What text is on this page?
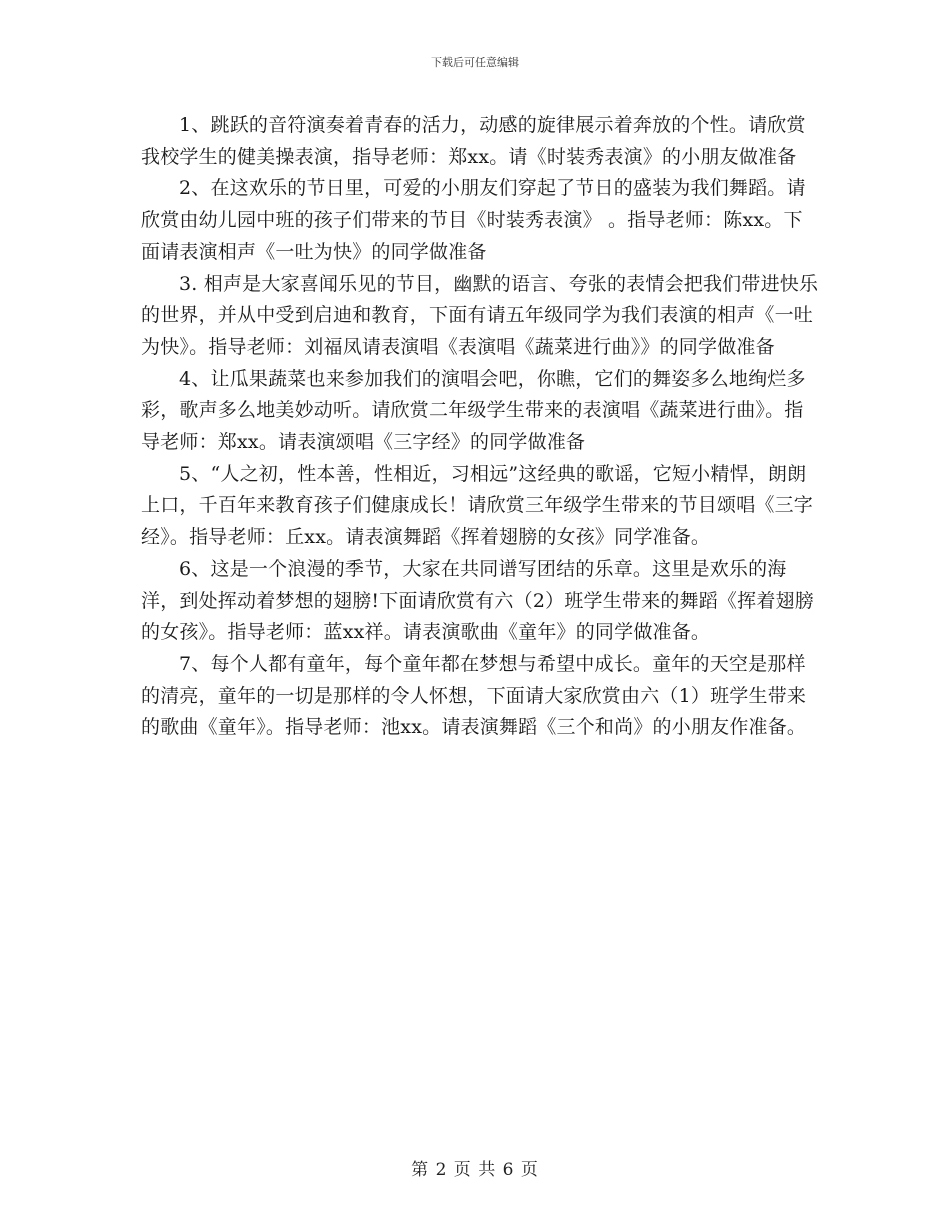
下载后可任意编辑

1、跳跃的音符演奏着青春的活力，动感的旋律展示着奔放的个性。请欣赏我校学生的健美操表演，指导老师：郑xx。请《时装秀表演》的小朋友做准备

2、在这欢乐的节日里，可爱的小朋友们穿起了节日的盛装为我们舞蹈。请欣赏由幼儿园中班的孩子们带来的节目《时装秀表演》 。指导老师：陈xx。下面请表演相声《一吐为快》的同学做准备

3. 相声是大家喜闻乐见的节目，幽默的语言、夸张的表情会把我们带进快乐的世界，并从中受到启迪和教育，下面有请五年级同学为我们表演的相声《一吐为快》。指导老师：刘福凤请表演唱《表演唱《蔬菜进行曲》》的同学做准备

4、让瓜果蔬菜也来参加我们的演唱会吧，你瞧，它们的舞姿多么地绚烂多彩，歌声多么地美妙动听。请欣赏二年级学生带来的表演唱《蔬菜进行曲》。指导老师：郑xx。请表演颂唱《三字经》的同学做准备

5、“人之初，性本善，性相近，习相远”这经典的歌谣，它短小精悍，朗朗上口，千百年来教育孩子们健康成长！请欣赏三年级学生带来的节目颂唱《三字经》。指导老师：丘xx。请表演舞蹈《挥着翅膀的女孩》同学准备。

6、这是一个浪漫的季节，大家在共同谱写团结的乐章。这里是欢乐的海洋，到处挥动着梦想的翅膀!下面请欣赏有六（2）班学生带来的舞蹈《挥着翅膀的女孩》。指导老师：蓝xx祥。请表演歌曲《童年》的同学做准备。

7、每个人都有童年，每个童年都在梦想与希望中成长。童年的天空是那样的清亮，童年的一切是那样的令人怀想，下面请大家欣赏由六（1）班学生带来的歌曲《童年》。指导老师：池xx。请表演舞蹈《三个和尚》的小朋友作准备。

第 2 页 共 6 页
